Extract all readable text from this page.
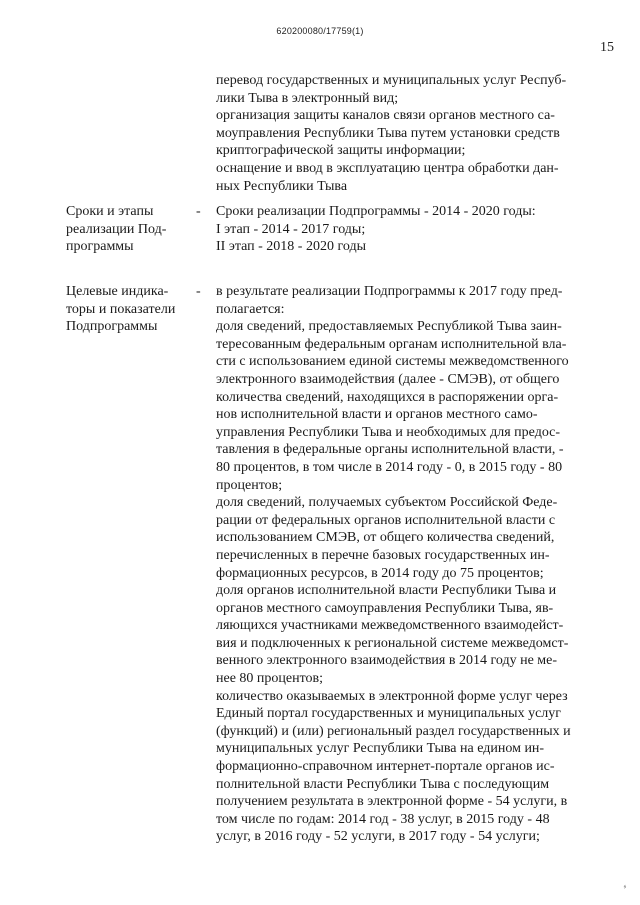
620200080/17759(1)
15
перевод государственных и муниципальных услуг Респуб-
лики Тыва в электронный вид;
организация защиты каналов связи органов местного са-
моуправления Республики Тыва путем установки средств
криптографической защиты информации;
оснащение и ввод в эксплуатацию центра обработки дан-
ных Республики Тыва
Сроки и этапы
реализации Под-
программы
- Сроки реализации Подпрограммы - 2014 - 2020 годы:
I этап - 2014 - 2017 годы;
II этап - 2018 - 2020 годы
Целевые индика-
торы и показатели
Подпрограммы
- в результате реализации Подпрограммы к 2017 году пред-
полагается:
доля сведений, предоставляемых Республикой Тыва заин-
тересованным федеральным органам исполнительной вла-
сти с использованием единой системы межведомственного
электронного взаимодействия (далее - СМЭВ), от общего
количества сведений, находящихся в распоряжении орга-
нов исполнительной власти и органов местного само-
управления Республики Тыва и необходимых для предос-
тавления в федеральные органы исполнительной власти, -
80 процентов, в том числе в 2014 году - 0, в 2015 году - 80
процентов;
доля сведений, получаемых субъектом Российской Феде-
рации от федеральных органов исполнительной власти с
использованием СМЭВ, от общего количества сведений,
перечисленных в перечне базовых государственных ин-
формационных ресурсов, в 2014 году до 75 процентов;
доля органов исполнительной власти Республики Тыва и
органов местного самоуправления Республики Тыва, яв-
ляющихся участниками межведомственного взаимодейст-
вия и подключенных к региональной системе межведомст-
венного электронного взаимодействия в 2014 году не ме-
нее 80 процентов;
количество оказываемых в электронной форме услуг через
Единый портал государственных и муниципальных услуг
(функций) и (или) региональный раздел государственных и
муниципальных услуг Республики Тыва на едином ин-
формационно-справочном интернет-портале органов ис-
полнительной власти Республики Тыва с последующим
получением результата в электронной форме - 54 услуги, в
том числе по годам: 2014 год - 38 услуг, в 2015 году - 48
услуг, в 2016 году - 52 услуги, в 2017 году - 54 услуги;
⸗
